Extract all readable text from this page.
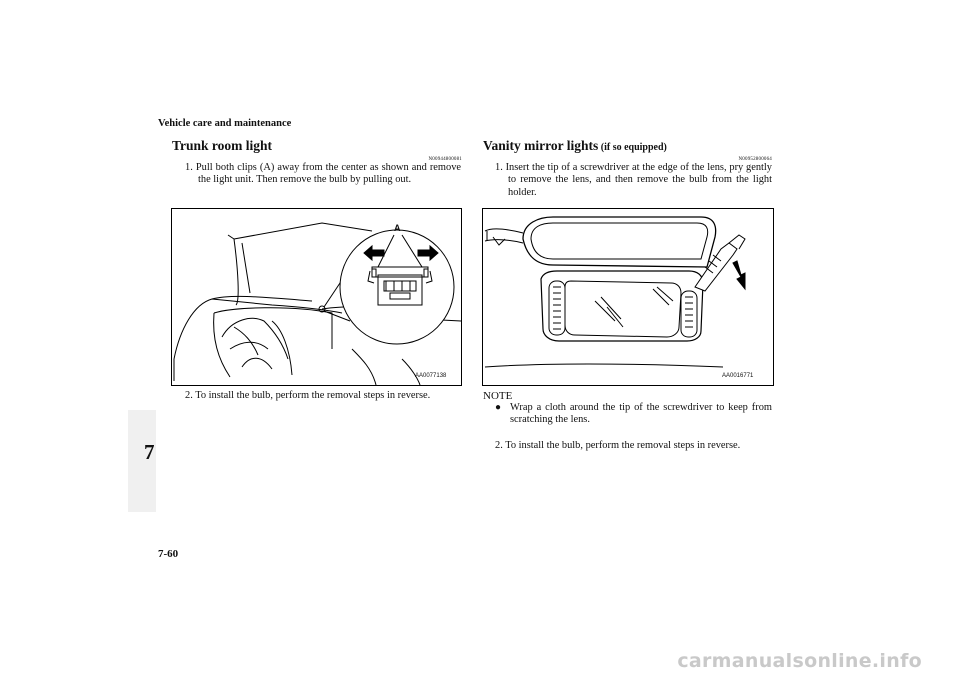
Vehicle care and maintenance
7
7-60
Trunk room light
N00944800081
1. Pull both clips (A) away from the center as shown and remove the light unit. Then remove the bulb by pulling out.
A
AA0077138
2. To install the bulb, perform the removal steps in reverse.
Vanity mirror lights (if so equipped)
N00952800064
1. Insert the tip of a screwdriver at the edge of the lens, pry gently to remove the lens, and then remove the bulb from the light holder.
AA0016771
NOTE
● Wrap a cloth around the tip of the screwdriver to keep from scratching the lens.
2. To install the bulb, perform the removal steps in reverse.
carmanualsonline.info
